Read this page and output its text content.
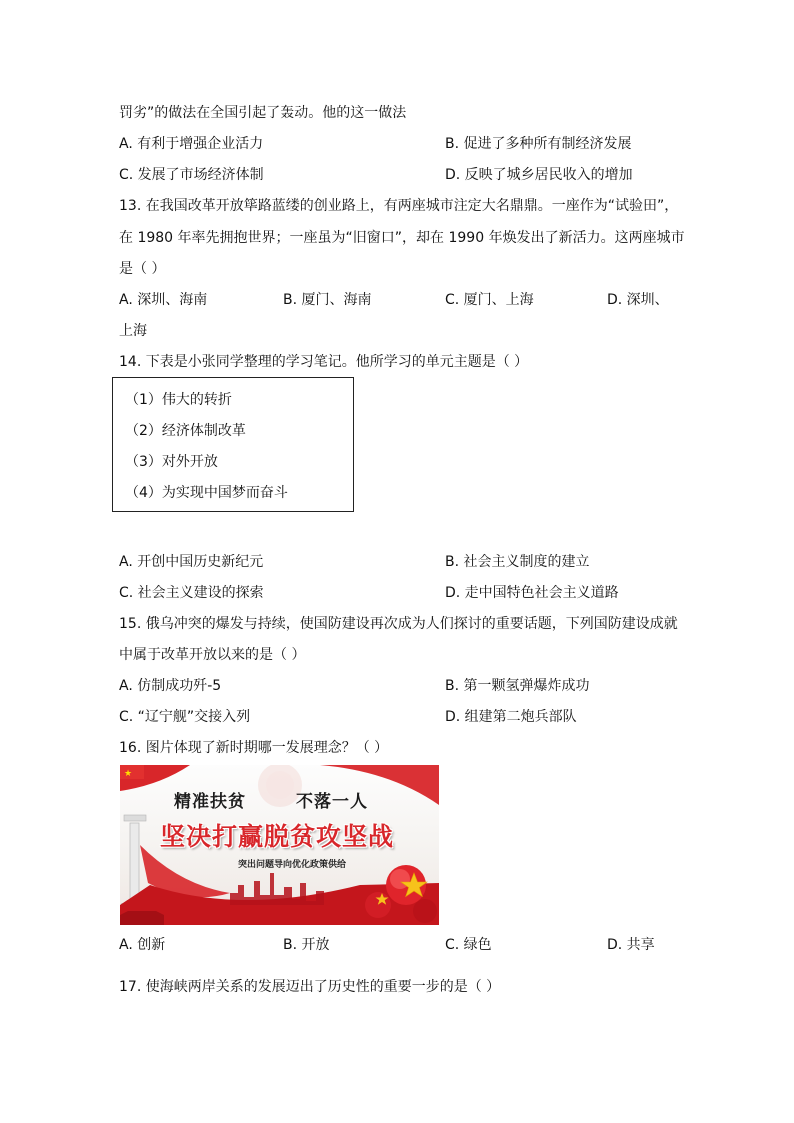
罚劣”的做法在全国引起了轰动。他的这一做法
A. 有利于增强企业活力	B. 促进了多种所有制经济发展
C. 发展了市场经济体制	D. 反映了城乡居民收入的增加
13. 在我国改革开放筚路蓝缕的创业路上，有两座城市注定大名鼎鼎。一座作为“试验田”，
在 1980 年率先拥抱世界；一座虽为“旧窗口”，却在 1990 年焕发出了新活力。这两座城市
是（ ）
A. 深圳、海南	B. 厦门、海南	C. 厦门、上海	D. 深圳、
上海
14. 下表是小张同学整理的学习笔记。他所学习的单元主题是（ ）
（1）伟大的转折
（2）经济体制改革
（3）对外开放
（4）为实现中国梦而奋斗
A. 开创中国历史新纪元	B. 社会主义制度的建立
C. 社会主义建设的探索	D. 走中国特色社会主义道路
15. 俄乌冲突的爆发与持续，使国防建设再次成为人们探讨的重要话题，下列国防建设成就
中属于改革开放以来的是（ ）
A. 仿制成功歼-5	B. 第一颗氢弹爆炸成功
C. “辽宁舰”交接入列	D. 组建第二炮兵部队
16. 图片体现了新时期哪一发展理念？（ ）
★
精准扶贫	不落一人
坚决打赢脱贫攻坚战
突出问题导向优化政策供给
A. 创新	B. 开放	C. 绿色	D. 共享
17. 使海峡两岸关系的发展迈出了历史性的重要一步的是（ ）
